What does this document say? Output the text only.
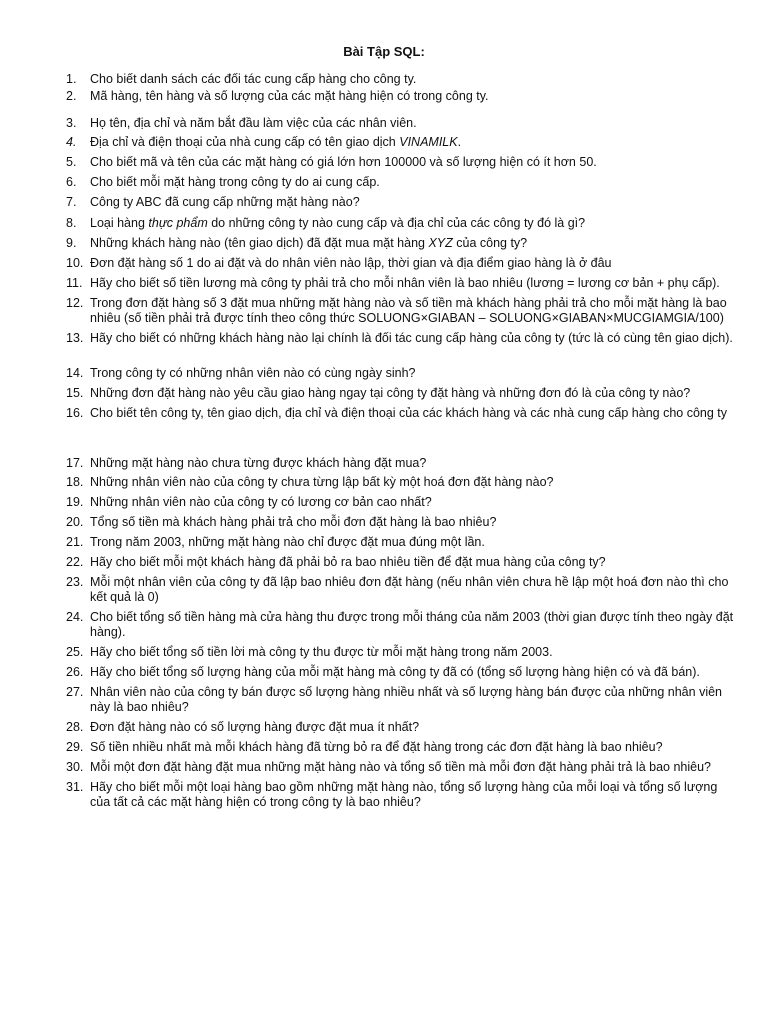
Bài Tập SQL:
1.	Cho biết danh sách các đối tác cung cấp hàng cho công ty.
2.	Mã hàng, tên hàng và số lượng của các mặt hàng hiện có trong công ty.
3.	Họ tên, địa chỉ và năm bắt đầu làm việc của các nhân viên.
4.	Địa chỉ và điện thoại của nhà cung cấp có tên giao dịch VINAMILK.
5.	Cho biết mã và tên của các mặt hàng có giá lớn hơn 100000 và số lượng hiện có ít hơn 50.
6.	Cho biết mỗi mặt hàng trong công ty do ai cung cấp.
7.	Công ty ABC đã cung cấp những mặt hàng nào?
8.	Loại hàng thực phẩm do những công ty nào cung cấp và địa chỉ của các công ty đó là gì?
9.	Những khách hàng nào (tên giao dịch) đã đặt mua mặt hàng XYZ của công ty?
10. Đơn đặt hàng số 1 do ai đặt và do nhân viên nào lập, thời gian và địa điểm giao hàng là ở đâu
11. Hãy cho biết số tiền lương mà công ty phải trả cho mỗi nhân viên là bao nhiêu (lương = lương cơ bản + phụ cấp).
12. Trong đơn đặt hàng số 3 đặt mua những mặt hàng nào và số tiền mà khách hàng phải trả cho mỗi mặt hàng là bao nhiêu (số tiền phải trả được tính theo công thức SOLUONG×GIABAN – SOLUONG×GIABAN×MUCGIAMGIA/100)
13. Hãy cho biết có những khách hàng nào lại chính là đối tác cung cấp hàng của công ty (tức là có cùng tên giao dịch).
14. Trong công ty có những nhân viên nào có cùng ngày sinh?
15. Những đơn đặt hàng nào yêu cầu giao hàng ngay tại công ty đặt hàng và những đơn đó là của công ty nào?
16. Cho biết tên công ty, tên giao dịch, địa chỉ và điện thoại của các khách hàng và các nhà cung cấp hàng cho công ty
17. Những mặt hàng nào chưa từng được khách hàng đặt mua?
18. Những nhân viên nào của công ty chưa từng lập bất kỳ một hoá đơn đặt hàng nào?
19. Những nhân viên nào của công ty có lương cơ bản cao nhất?
20. Tổng số tiền mà khách hàng phải trả cho mỗi đơn đặt hàng là bao nhiêu?
21. Trong năm 2003, những mặt hàng nào chỉ được đặt mua đúng một lần.
22. Hãy cho biết mỗi một khách hàng đã phải bỏ ra bao nhiêu tiền để đặt mua hàng của công ty?
23. Mỗi một nhân viên của công ty đã lập bao nhiêu đơn đặt hàng (nếu nhân viên chưa hề lập một hoá đơn nào thì cho kết quả là 0)
24. Cho biết tổng số tiền hàng mà cửa hàng thu được trong mỗi tháng của năm 2003 (thời gian được tính theo ngày đặt hàng).
25. Hãy cho biết tổng số tiền lời mà công ty thu được từ mỗi mặt hàng trong năm 2003.
26. Hãy cho biết tổng số lượng hàng của mỗi mặt hàng mà công ty đã có (tổng số lượng hàng hiện có và đã bán).
27. Nhân viên nào của công ty bán được số lượng hàng nhiều nhất và số lượng hàng bán được của những nhân viên này là bao nhiêu?
28. Đơn đặt hàng nào có số lượng hàng được đặt mua ít nhất?
29. Số tiền nhiều nhất mà mỗi khách hàng đã từng bỏ ra để đặt hàng trong các đơn đặt hàng là bao nhiêu?
30. Mỗi một đơn đặt hàng đặt mua những mặt hàng nào và tổng số tiền mà mỗi đơn đặt hàng phải trả là bao nhiêu?
31. Hãy cho biết mỗi một loại hàng bao gồm những mặt hàng nào, tổng số lượng hàng của mỗi loại và tổng số lượng của tất cả các mặt hàng hiện có trong công ty là bao nhiêu?
